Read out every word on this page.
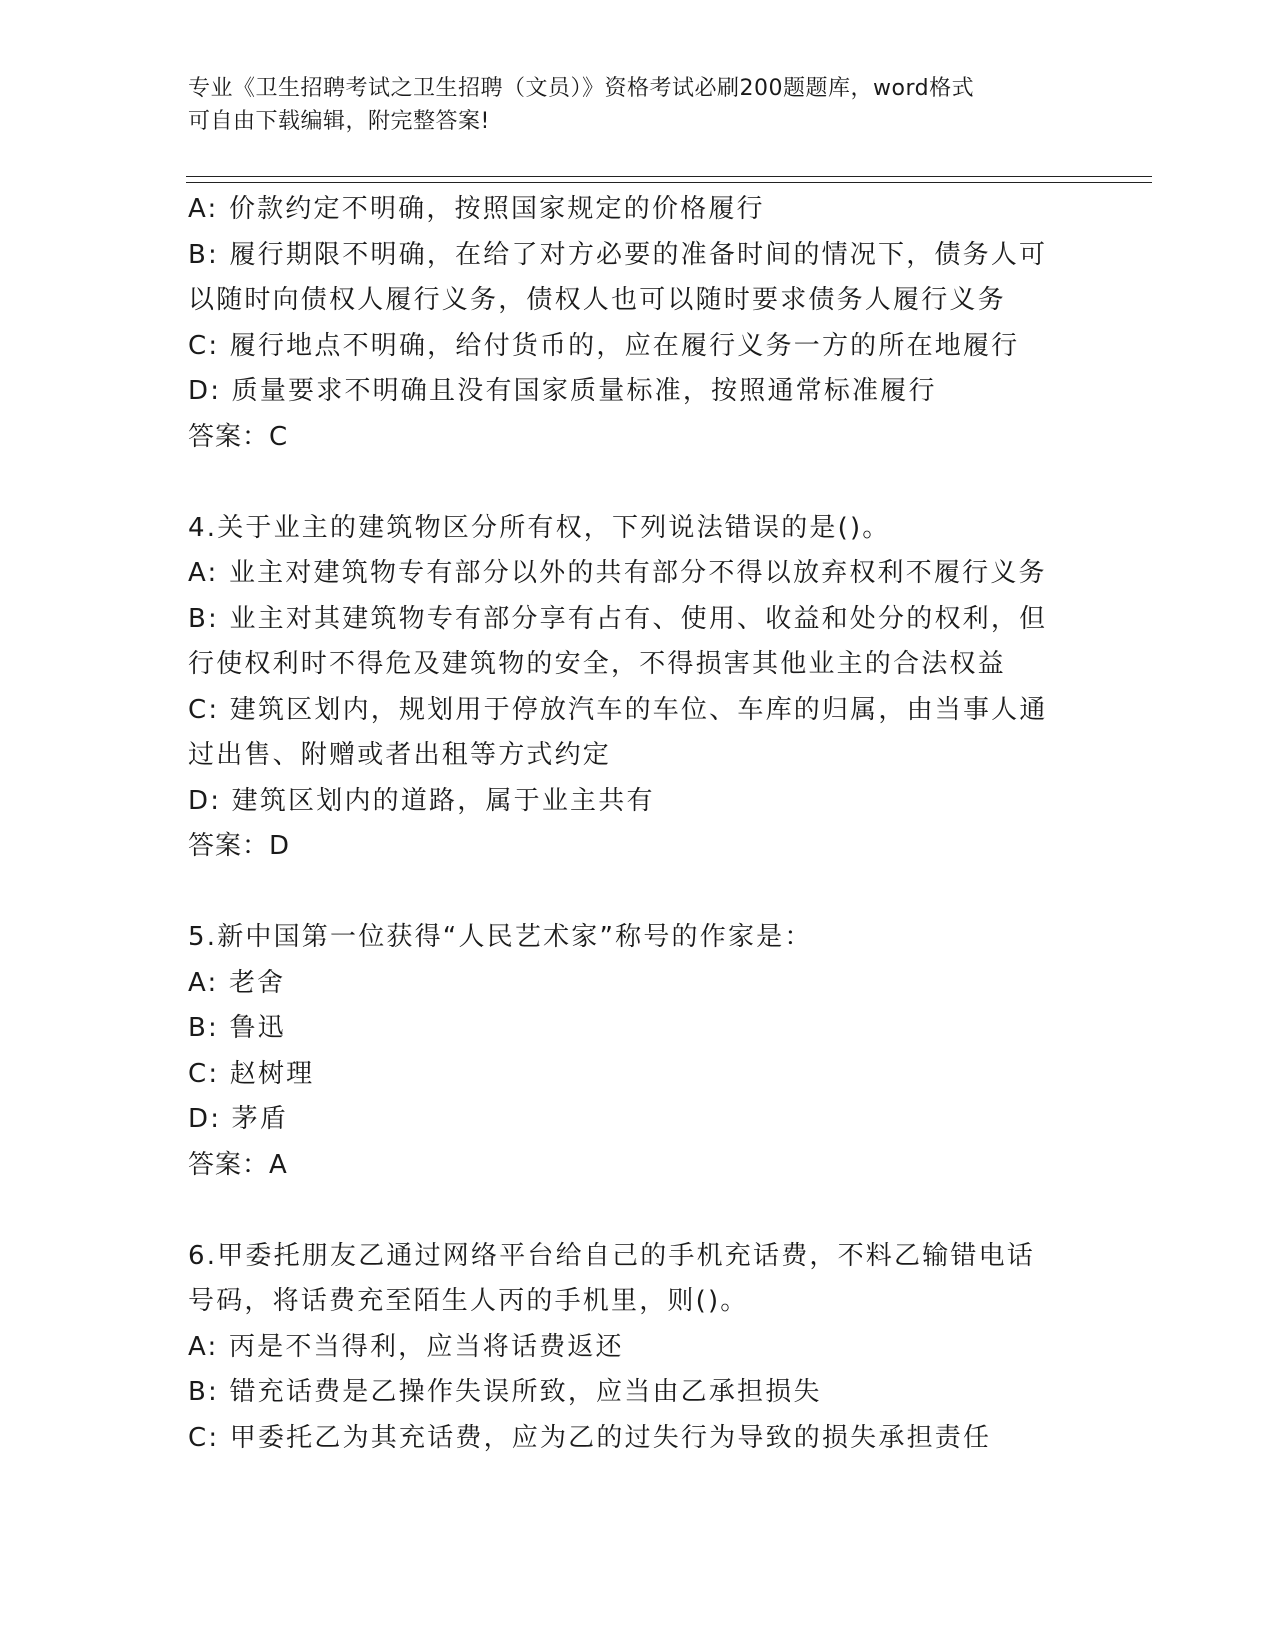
专业《卫生招聘考试之卫生招聘（文员）》资格考试必刷200题题库，word格式
可自由下载编辑，附完整答案!
A: 价款约定不明确，按照国家规定的价格履行
B: 履行期限不明确，在给了对方必要的准备时间的情况下，债务人可
以随时向债权人履行义务，债权人也可以随时要求债务人履行义务
C: 履行地点不明确，给付货币的，应在履行义务一方的所在地履行
D: 质量要求不明确且没有国家质量标准，按照通常标准履行
答案：C
4.关于业主的建筑物区分所有权，下列说法错误的是()。
A: 业主对建筑物专有部分以外的共有部分不得以放弃权利不履行义务
B: 业主对其建筑物专有部分享有占有、使用、收益和处分的权利，但
行使权利时不得危及建筑物的安全，不得损害其他业主的合法权益
C: 建筑区划内，规划用于停放汽车的车位、车库的归属，由当事人通
过出售、附赠或者出租等方式约定
D: 建筑区划内的道路，属于业主共有
答案：D
5.新中国第一位获得“人民艺术家”称号的作家是：
A: 老舍
B: 鲁迅
C: 赵树理
D: 茅盾
答案：A
6.甲委托朋友乙通过网络平台给自己的手机充话费，不料乙输错电话
号码，将话费充至陌生人丙的手机里，则()。
A: 丙是不当得利，应当将话费返还
B: 错充话费是乙操作失误所致，应当由乙承担损失
C: 甲委托乙为其充话费，应为乙的过失行为导致的损失承担责任
